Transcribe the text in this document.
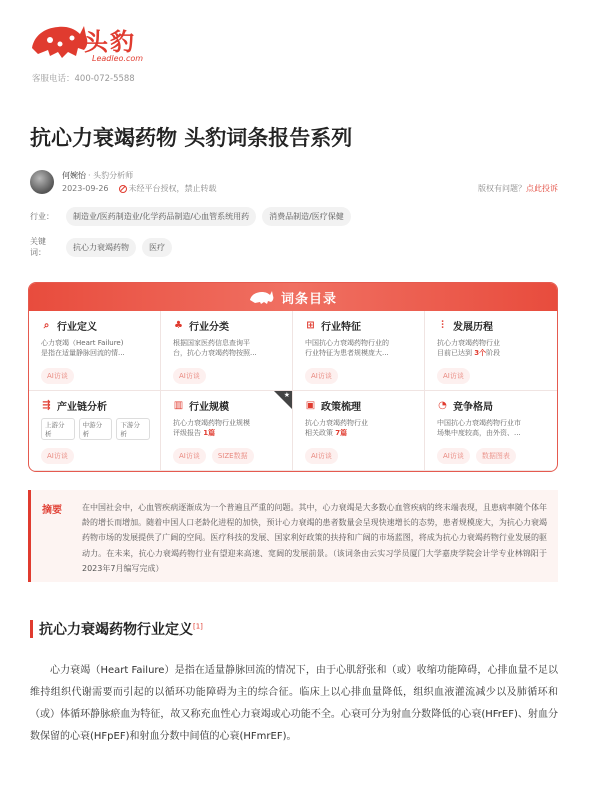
头豹
Leadleo.com
客服电话：400-072-5588
抗心力衰竭药物 头豹词条报告系列
何婉怡 · 头豹分析师
2023-09-26	未经平台授权，禁止转载	版权有问题？点此投诉
行业：	制造业/医药制造业/化学药品制造/心血管系统用药	消费品制造/医疗保健
关键词：
抗心力衰竭药物	医疗
词条目录
⌕ 行业定义
心力衰竭（Heart Failure)
是指在适量静脉回流的情...
AI访谈
♣ 行业分类
根据国家医药信息查询平
台，抗心力衰竭药物按照...
AI访谈
⊞ 行业特征
中国抗心力衰竭药物行业的
行业特征为患者规模庞大...
AI访谈
⫶ 发展历程
抗心力衰竭药物行业
目前已达到 3个阶段
AI访谈
⇶ 产业链分析
上游分析
中游分析
下游分析
AI访谈
★
▥ 行业规模
抗心力衰竭药物行业规模
评级报告 1篇
AI访谈	SIZE数据
▣ 政策梳理
抗心力衰竭药物行业
相关政策 7篇
AI访谈
◔ 竞争格局
中国抗心力衰竭药物行业市
场集中度较高，由外资、...
AI访谈	数据图表
摘要	在中国社会中，心血管疾病逐渐成为一个普遍且严重的问题。其中，心力衰竭是大多数心血管疾病的终末端表现，且患病率随个体年龄的增长而增加。随着中国人口老龄化进程的加快，预计心力衰竭的患者数量会呈现快速增长的态势，患者规模庞大，为抗心力衰竭药物市场的发展提供了广阔的空间。医疗科技的发展、国家利好政策的扶持和广阔的市场蓝图，将成为抗心力衰竭药物行业发展的驱动力。在未来，抗心力衰竭药物行业有望迎来高速、宽阔的发展前景。（该词条由云实习学员厦门大学嘉庚学院会计学专业林锦阳于2023年7月编写完成）
抗心力衰竭药物行业定义[1]

心力衰竭（Heart Failure）是指在适量静脉回流的情况下，由于心肌舒张和（或）收缩功能障碍，心排血量不足以维持组织代谢需要而引起的以循环功能障碍为主的综合征。临床上以心排血量降低，组织血液灌流减少以及肺循环和（或）体循环静脉瘀血为特征，故又称充血性心力衰竭或心功能不全。心衰可分为射血分数降低的心衰(HFrEF)、射血分数保留的心衰(HFpEF)和射血分数中间值的心衰(HFmrEF)。
